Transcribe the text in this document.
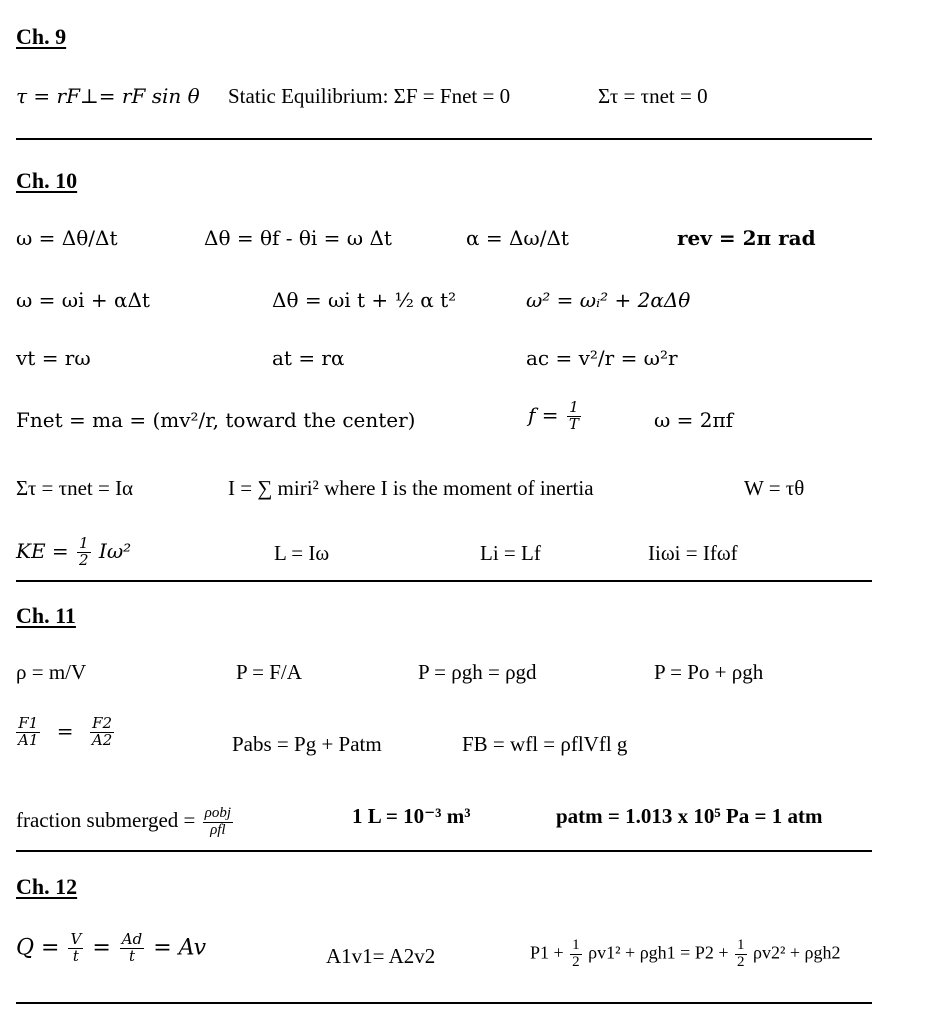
Ch. 9
τ = rF⊥= rF sin θ Static Equilibrium: ΣF = Fnet = 0	Στ = τnet = 0
Ch. 10
ω = Δθ/Δt	Δθ = θf - θi = ω Δt	α = Δω/Δt	rev = 2π rad
ω = ωi + αΔt	Δθ = ωi t + ½ α t²	ω² = ωᵢ² + 2αΔθ
vt = rω	at = rα	ac = v²/r = ω²r
Fnet = ma = (mv²/r, toward the center)	$f = \frac{1}{T}$	ω = 2πf
Στ = τnet = Iα	I = ∑ miri² where I is the moment of inertia	W = τθ
KE = $\frac{1}{2} I\omega^2$	L = Iω	Li = Lf	Iiωi = Ifωf
Ch. 11
ρ = m/V	P = F/A	P = ρgh = ρgd	P = Po + ρgh
$\frac{F1}{A1} = \frac{F2}{A2}$	Pabs = Pg + Patm	FB = wfl = ρflVfl g
fraction submerged = $\frac{\text{ρobj}}{\text{ρfl}}$	1 L = 10⁻³ m³	patm = 1.013 x 10⁵ Pa = 1 atm
Ch. 12
$Q = \frac{V}{t} = \frac{Ad}{t} = Av$	A1v1= A2v2	$P1 + \frac{1}{2} \rho v1^2 + \rho gh1 = P2 + \frac{1}{2} \rho v2^2 + \rho gh2$
